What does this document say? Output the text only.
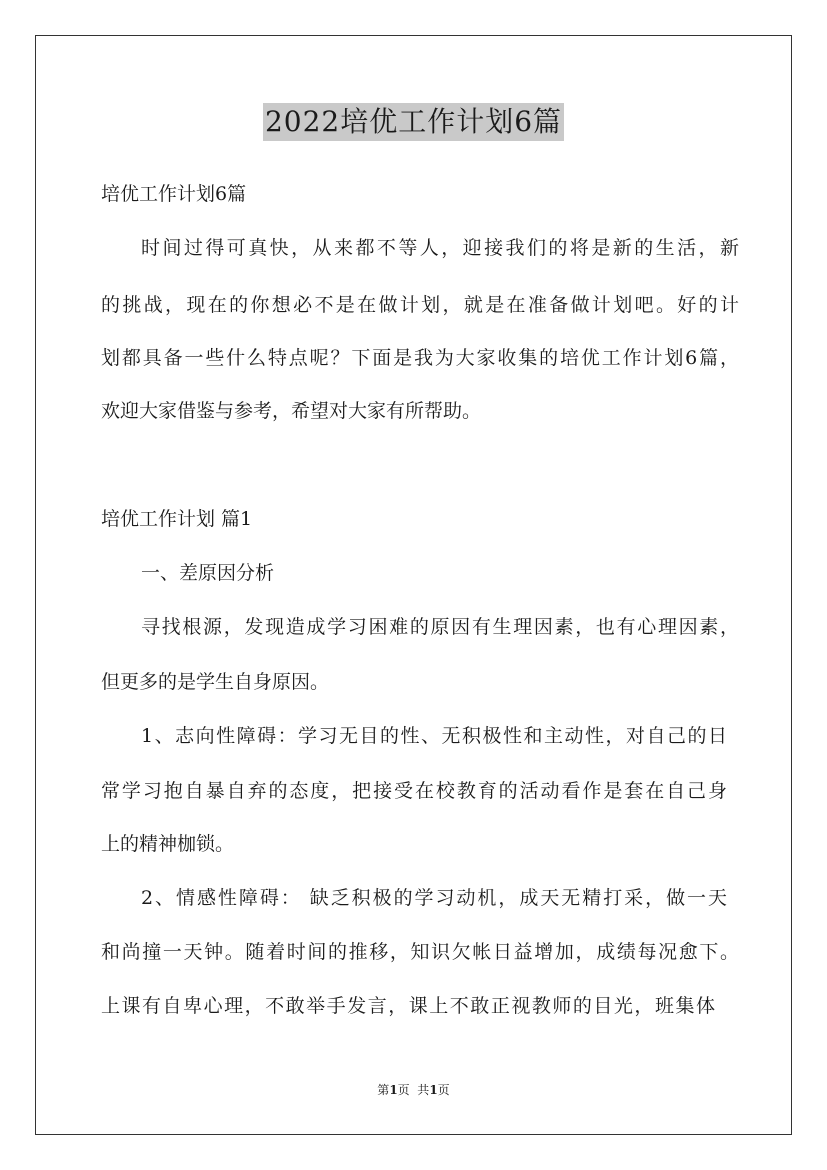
2022培优工作计划6篇
培优工作计划6篇
时间过得可真快，从来都不等人，迎接我们的将是新的生活，新
的挑战，现在的你想必不是在做计划，就是在准备做计划吧。好的计
划都具备一些什么特点呢？下面是我为大家收集的培优工作计划6篇，
欢迎大家借鉴与参考，希望对大家有所帮助。
培优工作计划 篇1
一、差原因分析
寻找根源，发现造成学习困难的原因有生理因素，也有心理因素，
但更多的是学生自身原因。
1、志向性障碍：学习无目的性、无积极性和主动性，对自己的日
常学习抱自暴自弃的态度，把接受在校教育的活动看作是套在自己身
上的精神枷锁。
2、情感性障碍： 缺乏积极的学习动机，成天无精打采，做一天
和尚撞一天钟。随着时间的推移，知识欠帐日益增加，成绩每况愈下。
上课有自卑心理，不敢举手发言，课上不敢正视教师的目光，班集体
第1页  共1页
